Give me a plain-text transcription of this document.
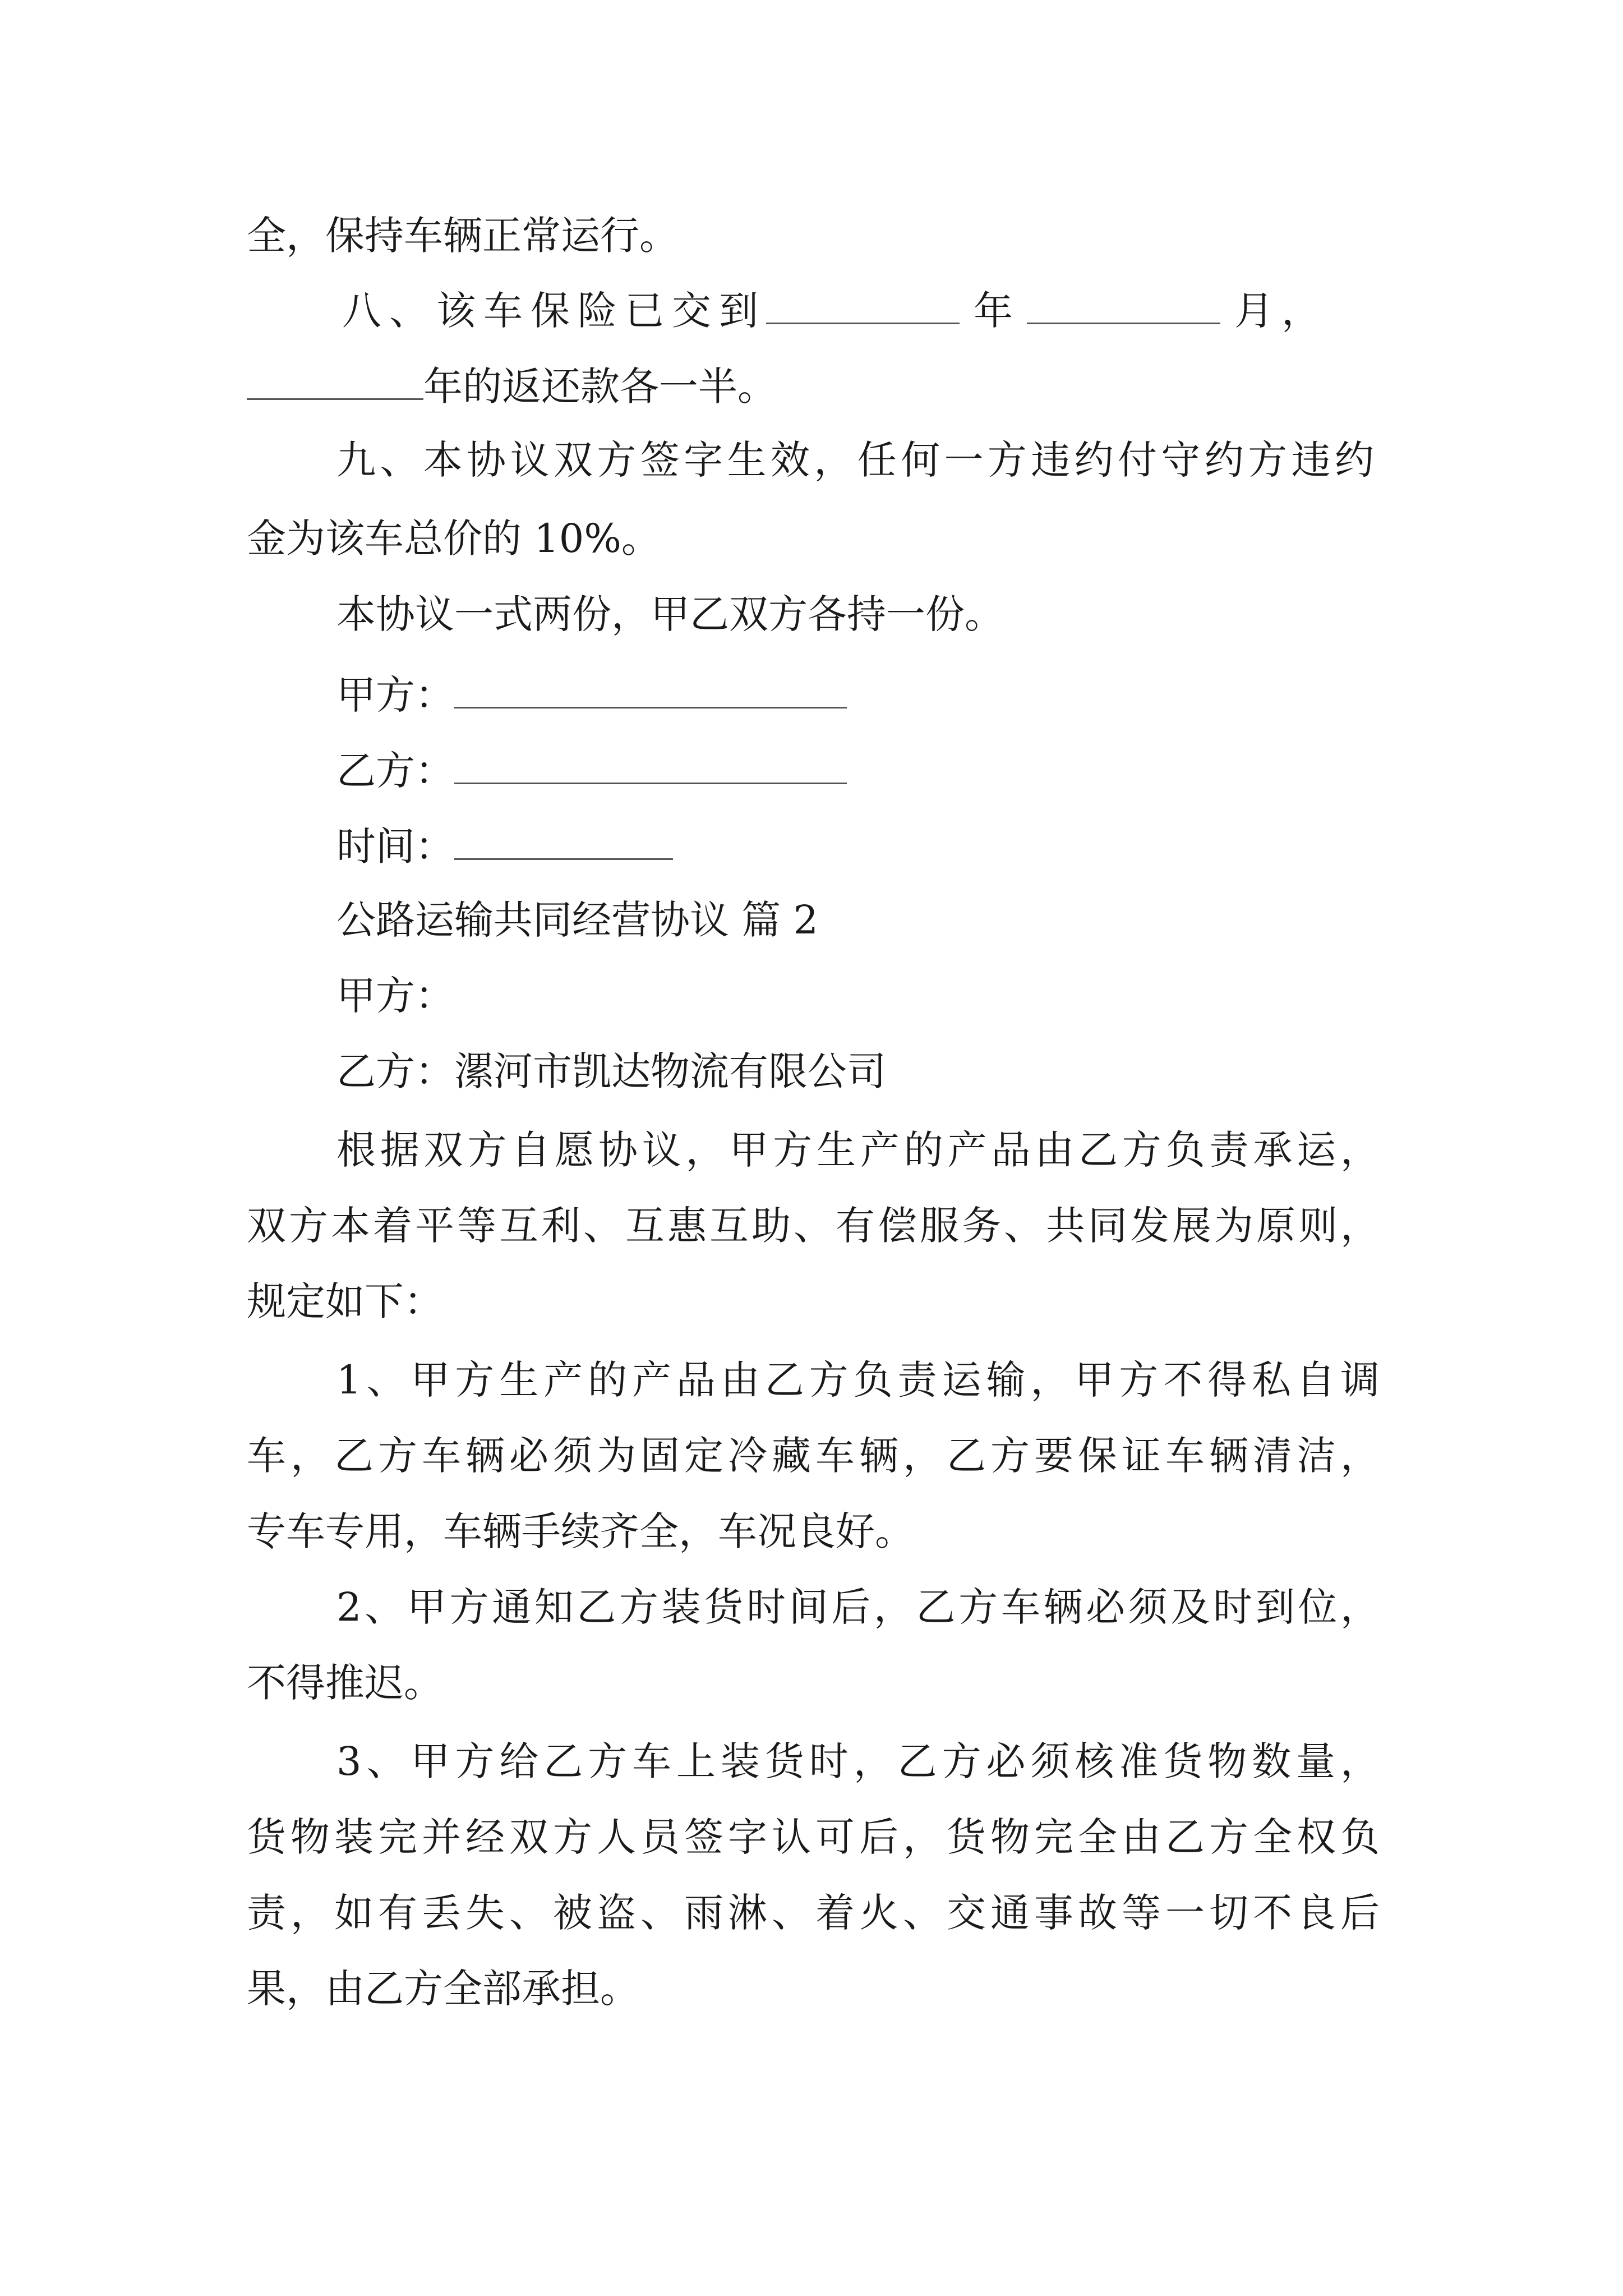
全，保持车辆正常运行。

八、该车保险已交到	年	月，

年的返还款各一半。

九、本协议双方签字生效，任何一方违约付守约方违约

金为该车总价的 10%。

本协议一式两份，甲乙双方各持一份。

甲方：

乙方：

时间：

公路运输共同经营协议 篇 2

甲方：

乙方：漯河市凯达物流有限公司

根据双方自愿协议，甲方生产的产品由乙方负责承运，

双方本着平等互利、互惠互助、有偿服务、共同发展为原则，

规定如下：

1、甲方生产的产品由乙方负责运输，甲方不得私自调

车，乙方车辆必须为固定冷藏车辆，乙方要保证车辆清洁，

专车专用，车辆手续齐全，车况良好。

2、甲方通知乙方装货时间后，乙方车辆必须及时到位，

不得推迟。

3、甲方给乙方车上装货时，乙方必须核准货物数量，

货物装完并经双方人员签字认可后，货物完全由乙方全权负

责，如有丢失、被盗、雨淋、着火、交通事故等一切不良后

果，由乙方全部承担。
